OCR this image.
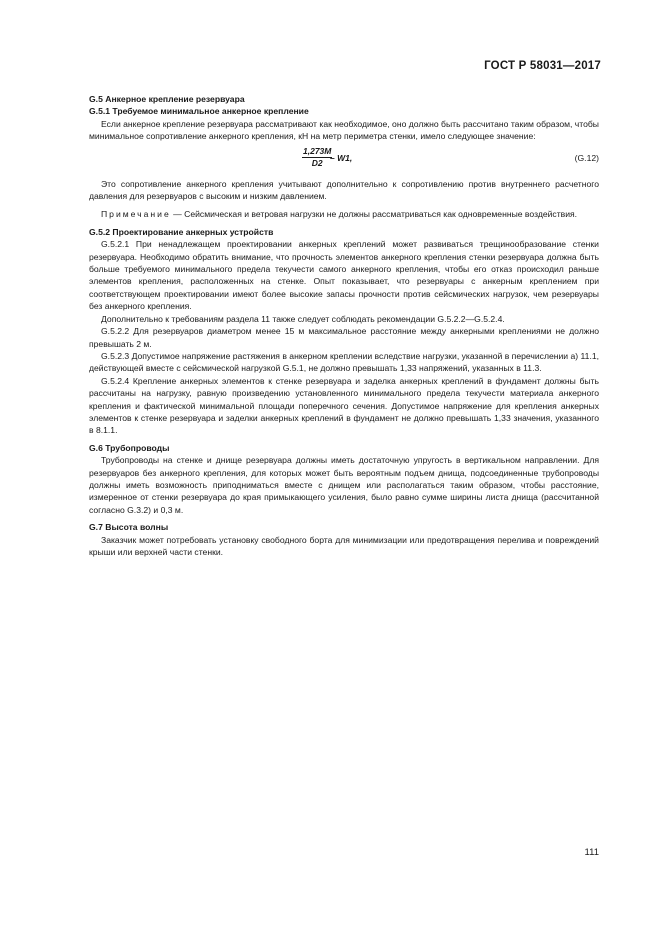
ГОСТ Р 58031—2017

G.5 Анкерное крепление резервуара

G.5.1 Требуемое минимальное анкерное крепление

Если анкерное крепление резервуара рассматривают как необходимое, оно должно быть рассчитано таким образом, чтобы минимальное сопротивление анкерного крепления, кН на метр периметра стенки, имело следующее значение:

$\frac{1,273M}{D2}$
– W1,	(G.12)

Это сопротивление анкерного крепления учитывают дополнительно к сопротивлению против внутреннего расчетного давления для резервуаров с высоким и низким давлением.

Примечание — Сейсмическая и ветровая нагрузки не должны рассматриваться как одновременные воздействия.

G.5.2 Проектирование анкерных устройств

G.5.2.1 При ненадлежащем проектировании анкерных креплений может развиваться трещинообразование стенки резервуара. Необходимо обратить внимание, что прочность элементов анкерного крепления стенки резервуара должна быть больше требуемого минимального предела текучести самого анкерного крепления, чтобы его отказ происходил раньше элементов крепления, расположенных на стенке. Опыт показывает, что резервуары с анкерным креплением при соответствующем проектировании имеют более высокие запасы прочности против сейсмических нагрузок, чем резервуары без анкерного крепления.

Дополнительно к требованиям раздела 11 также следует соблюдать рекомендации G.5.2.2—G.5.2.4.

G.5.2.2 Для резервуаров диаметром менее 15 м максимальное расстояние между анкерными креплениями не должно превышать 2 м.

G.5.2.3 Допустимое напряжение растяжения в анкерном креплении вследствие нагрузки, указанной в перечислении а) 11.1, действующей вместе с сейсмической нагрузкой G.5.1, не должно превышать 1,33 напряжений, указанных в 11.3.

G.5.2.4 Крепление анкерных элементов к стенке резервуара и заделка анкерных креплений в фундамент должны быть рассчитаны на нагрузку, равную произведению установленного минимального предела текучести материала анкерного крепления и фактической минимальной площади поперечного сечения. Допустимое напряжение для крепления анкерных элементов к стенке резервуара и заделки анкерных креплений в фундамент не должно превышать 1,33 значения, указанного в 8.1.1.

G.6 Трубопроводы

Трубопроводы на стенке и днище резервуара должны иметь достаточную упругость в вертикальном направлении. Для резервуаров без анкерного крепления, для которых может быть вероятным подъем днища, подсоединенные трубопроводы должны иметь возможность приподниматься вместе с днищем или располагаться таким образом, чтобы расстояние, измеренное от стенки резервуара до края примыкающего усиления, было равно сумме ширины листа днища (рассчитанной согласно G.3.2) и 0,3 м.

G.7 Высота волны

Заказчик может потребовать установку свободного борта для минимизации или предотвращения перелива и повреждений крыши или верхней части стенки.

111
